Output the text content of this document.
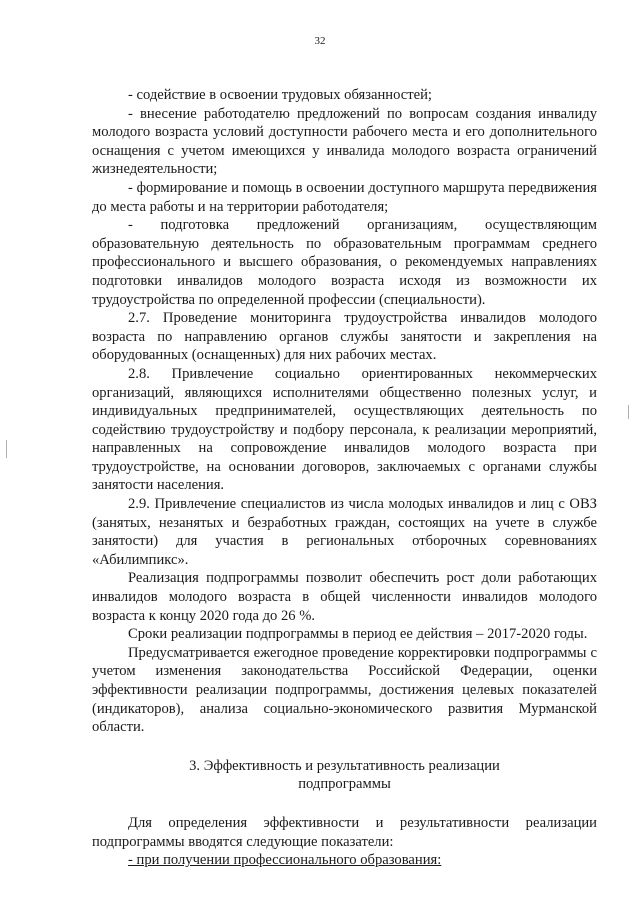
32

- содействие в освоении трудовых обязанностей;

- внесение работодателю предложений по вопросам создания инвалиду молодого возраста условий доступности рабочего места и его дополнительного оснащения с учетом имеющихся у инвалида молодого возраста ограничений жизнедеятельности;

- формирование и помощь в освоении доступного маршрута передвижения до места работы и на территории работодателя;

- подготовка предложений организациям, осуществляющим образовательную деятельность по образовательным программам среднего профессионального и высшего образования, о рекомендуемых направлениях подготовки инвалидов молодого возраста исходя из возможности их трудоустройства по определенной профессии (специальности).

2.7. Проведение мониторинга трудоустройства инвалидов молодого возраста по направлению органов службы занятости и закрепления на оборудованных (оснащенных) для них рабочих местах.

2.8. Привлечение социально ориентированных некоммерческих организаций, являющихся исполнителями общественно полезных услуг, и индивидуальных предпринимателей, осуществляющих деятельность по содействию трудоустройству и подбору персонала, к реализации мероприятий, направленных на сопровождение инвалидов молодого возраста при трудоустройстве, на основании договоров, заключаемых с органами службы занятости населения.

2.9. Привлечение специалистов из числа молодых инвалидов и лиц с ОВЗ (занятых, незанятых и безработных граждан, состоящих на учете в службе занятости) для участия в региональных отборочных соревнованиях «Абилимпикс».

Реализация подпрограммы позволит обеспечить рост доли работающих инвалидов молодого возраста в общей численности инвалидов молодого возраста к концу 2020 года до 26 %.

Сроки реализации подпрограммы в период ее действия – 2017-2020 годы.

Предусматривается ежегодное проведение корректировки подпрограммы с учетом изменения законодательства Российской Федерации, оценки эффективности реализации подпрограммы, достижения целевых показателей (индикаторов), анализа социально-экономического развития Мурманской области.

3. Эффективность и результативность реализации
подпрограммы

Для определения эффективности и результативности реализации подпрограммы вводятся следующие показатели:

- при получении профессионального образования:
